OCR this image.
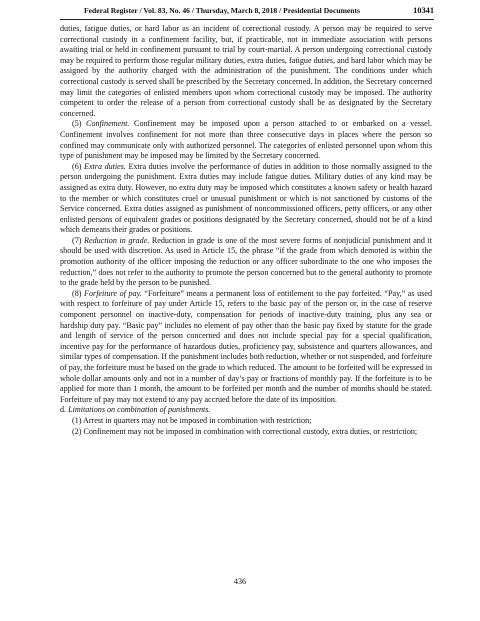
Federal Register / Vol. 83, No. 46 / Thursday, March 8, 2018 / Presidential Documents	10341

duties, fatigue duties, or hard labor as an incident of correctional custody. A person may be required to serve correctional custody in a confinement facility, but, if practicable, not in immediate association with persons awaiting trial or held in confinement pursuant to trial by court-martial. A person undergoing correctional custody may be required to perform those regular military duties, extra duties, fatigue duties, and hard labor which may be assigned by the authority charged with the administration of the punishment. The conditions under which correctional custody is served shall be prescribed by the Secretary concerned. In addition, the Secretary concerned may limit the categories of enlisted members upon whom correctional custody may be imposed. The authority competent to order the release of a person from correctional custody shall be as designated by the Secretary concerned.

(5) Confinement. Confinement may be imposed upon a person attached to or embarked on a vessel. Confinement involves confinement for not more than three consecutive days in places where the person so confined may communicate only with authorized personnel. The categories of enlisted personnel upon whom this type of punishment may be imposed may be limited by the Secretary concerned.

(6) Extra duties. Extra duties involve the performance of duties in addition to those normally assigned to the person undergoing the punishment. Extra duties may include fatigue duties. Military duties of any kind may be assigned as extra duty. However, no extra duty may be imposed which constitutes a known safety or health hazard to the member or which constitutes cruel or unusual punishment or which is not sanctioned by customs of the Service concerned. Extra duties assigned as punishment of noncommissioned officers, petty officers, or any other enlisted persons of equivalent grades or positions designated by the Secretary concerned, should not be of a kind which demeans their grades or positions.

(7) Reduction in grade. Reduction in grade is one of the most severe forms of nonjudicial punishment and it should be used with discretion. As used in Article 15, the phrase “if the grade from which demoted is within the promotion authority of the officer imposing the reduction or any officer subordinate to the one who imposes the reduction,” does not refer to the authority to promote the person concerned but to the general authority to promote to the grade held by the person to be punished.

(8) Forfeiture of pay. “Forfeiture” means a permanent loss of entitlement to the pay forfeited. “Pay,” as used with respect to forfeiture of pay under Article 15, refers to the basic pay of the person or, in the case of reserve component personnel on inactive-duty, compensation for periods of inactive-duty training, plus any sea or hardship duty pay. “Basic pay” includes no element of pay other than the basic pay fixed by statute for the grade and length of service of the person concerned and does not include special pay for a special qualification, incentive pay for the performance of hazardous duties, proficiency pay, subsistence and quarters allowances, and similar types of compensation. If the punishment includes both reduction, whether or not suspended, and forfeiture of pay, the forfeiture must be based on the grade to which reduced. The amount to be forfeited will be expressed in whole dollar amounts only and not in a number of day’s pay or fractions of monthly pay. If the forfeiture is to be applied for more than 1 month, the amount to be forfeited per month and the number of months should be stated. Forfeiture of pay may not extend to any pay accrued before the date of its imposition.

d. Limitations on combination of punishments.

(1) Arrest in quarters may not be imposed in combination with restriction;

(2) Confinement may not be imposed in combination with correctional custody, extra duties, or restriction;

436
